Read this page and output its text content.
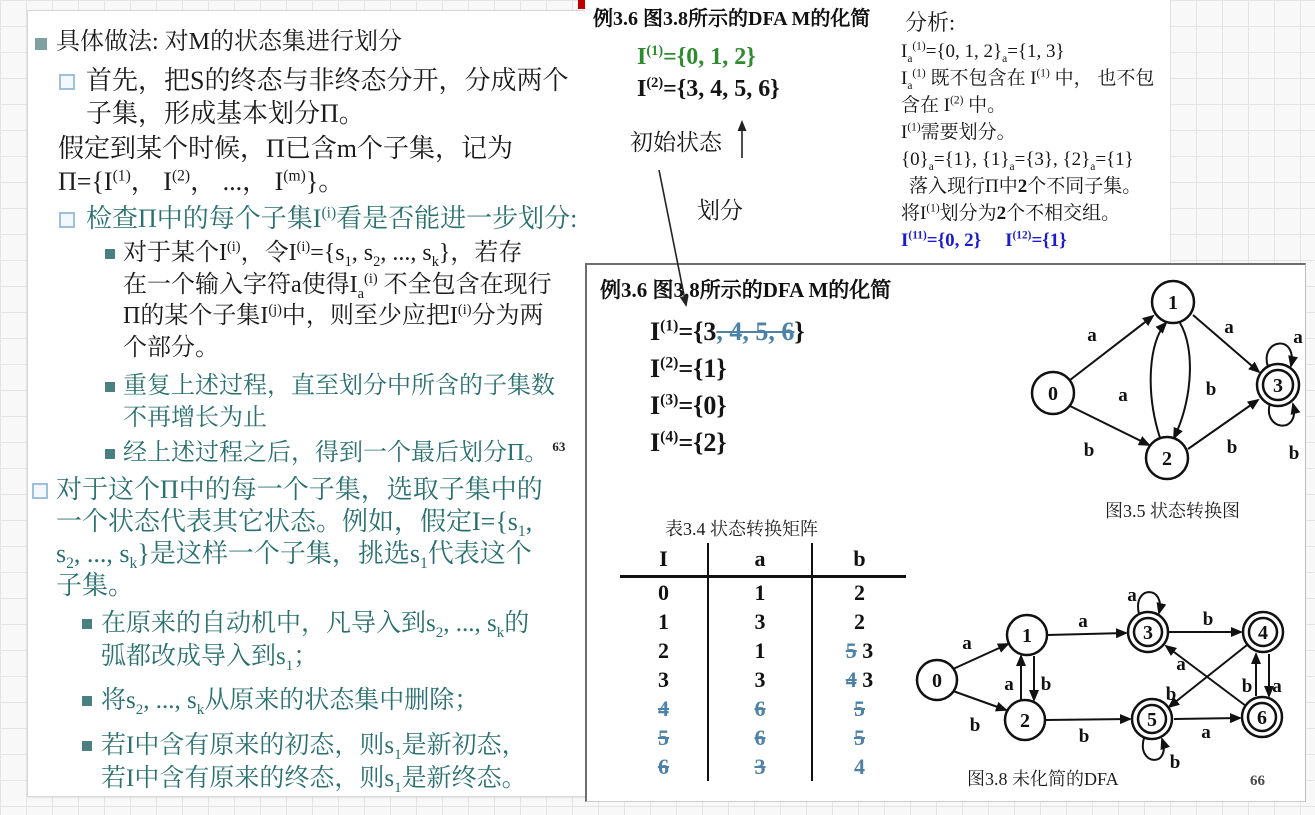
具体做法: 对M的状态集进行划分
首先，把S的终态与非终态分开，分成两个
子集，形成基本划分Π。
假定到某个时候，Π已含m个子集，记为
$\Pi=\{I^{(1)}$， $I^{(2)}$， ...， $I^{(m)}$}。
检查Π中的每个子集$I^{(i)}$看是否能进一步划分:
对于某个$I^{(i)}$，令$I^{(i)}=\{s_1$, $s_2$, ..., $s_k$}，若存
在一个输入字符a使得$I_a^{(i)}$ 不全包含在现行
Π的某个子集$I^{(j)}$中，则至少应把$I^{(i)}$分为两
个部分。
重复上述过程，直至划分中所含的子集数
不再增长为止
经上述过程之后，得到一个最后划分Π。 $^{63}$
对于这个Π中的每一个子集，选取子集中的
一个状态代表其它状态。例如，假定$I=\{s_1$,
$s_2$, ..., $s_k$}是这样一个子集，挑选$s_1$代表这个
子集。
在原来的自动机中，凡导入到$s_2$, ..., $s_k$的
弧都改成导入到$s_1$；
将$s_2$, ..., $s_k$从原来的状态集中删除；
若I中含有原来的初态，则$s_1$是新初态，
若I中含有原来的终态，则$s_1$是新终态。
例3.6 图3.8所示的DFA M的化简
$I^{(1)}=\{0$, 1, 2}
$I^{(2)}=\{3$, 4, 5, 6}
初始状态
划分
分析:
$I_a^{(1)}=\{0$, 1, $2\}_a=\{1$, 3}
$I_a^{(1)}$ 既不包含在 $I^{(1)}$ 中， 也不包
含在 $I^{(2)}$ 中。
$I^{(1)}$需要划分。
$\{0\}_a=\{1\}$, $\{1\}_a=\{3\}$, $\{2\}_a=\{1\}$
落入现行Π中2个不同子集。
将$I^{(1)}$划分为2个不相交组。
$I^{(11)}=\{0$, 2} $I^{(12)}=\{1\}$
例3.6 图3.8所示的DFA M的化简
$I^{(1)}=\{3$, 4, 5, 6}
$I^{(2)}=\{1\}$
$I^{(3)}=\{0\}$
$I^{(4)}=\{2\}$
表3.4 状态转换矩阵
I	a	b
0	1	2
1	3	2
2	1	5 3
3	3	4 3
4	6	5
5	6	5
6	3	4
0
1
2
3
a
b
a
a	b
b
a
b
图3.5 状态转换图
0
1
2
3	4
5	6
a
b
a
a b
a
b
a
b
b	a
b a
b
图3.8 未化简的DFA	66
